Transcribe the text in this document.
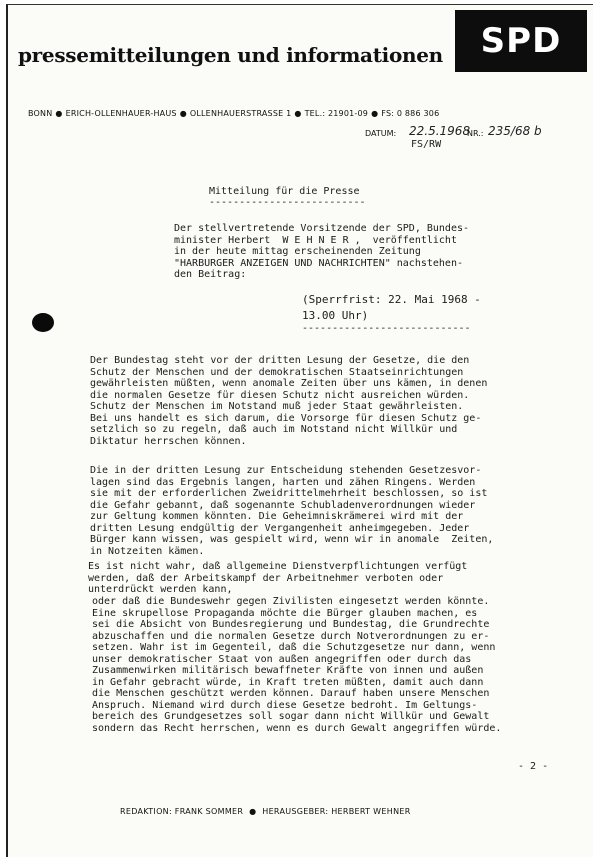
pressemitteilungen und informationen SPD
BONN ● ERICH-OLLENHAUER-HAUS ● OLLENHAUERSTRASSE 1 ● TEL.: 21901-09 ● FS: 0 886 306
DATUM: 22.5.1968
NR.: 235/68 b
FS/RW
Mitteilung für die Presse
--------------------------
Der stellvertretende Vorsitzende der SPD, Bundes-
minister Herbert  W E H N E R ,  veröffentlicht
in der heute mittag erscheinenden Zeitung
"HARBURGER ANZEIGEN UND NACHRICHTEN" nachstehen-
den Beitrag:
(Sperrfrist: 22. Mai 1968 -
13.00 Uhr)
----------------------------
Der Bundestag steht vor der dritten Lesung der Gesetze, die den
Schutz der Menschen und der demokratischen Staatseinrichtungen
gewährleisten müßten, wenn anomale Zeiten über uns kämen, in denen
die normalen Gesetze für diesen Schutz nicht ausreichen würden.
Schutz der Menschen im Notstand muß jeder Staat gewährleisten.
Bei uns handelt es sich darum, die Vorsorge für diesen Schutz ge-
setzlich so zu regeln, daß auch im Notstand nicht Willkür und
Diktatur herrschen können.
Die in der dritten Lesung zur Entscheidung stehenden Gesetzesvor-
lagen sind das Ergebnis langen, harten und zähen Ringens. Werden
sie mit der erforderlichen Zweidrittelmehrheit beschlossen, so ist
die Gefahr gebannt, daß sogenannte Schubladenverordnungen wieder
zur Geltung kommen könnten. Die Geheimniskrämerei wird mit der
dritten Lesung endgültig der Vergangenheit anheimgegeben. Jeder
Bürger kann wissen, was gespielt wird, wenn wir in anomale  Zeiten,
in Notzeiten kämen.
Es ist nicht wahr, daß allgemeine Dienstverpflichtungen verfügt
werden, daß der Arbeitskampf der Arbeitnehmer verboten oder
unterdrückt werden kann,
oder daß die Bundeswehr gegen Zivilisten eingesetzt werden könnte.
Eine skrupellose Propaganda möchte die Bürger glauben machen, es
sei die Absicht von Bundesregierung und Bundestag, die Grundrechte
abzuschaffen und die normalen Gesetze durch Notverordnungen zu er-
setzen. Wahr ist im Gegenteil, daß die Schutzgesetze nur dann, wenn
unser demokratischer Staat von außen angegriffen oder durch das
Zusammenwirken militärisch bewaffneter Kräfte von innen und außen
in Gefahr gebracht würde, in Kraft treten müßten, damit auch dann
die Menschen geschützt werden können. Darauf haben unsere Menschen
Anspruch. Niemand wird durch diese Gesetze bedroht. Im Geltungs-
bereich des Grundgesetzes soll sogar dann nicht Willkür und Gewalt
sondern das Recht herrschen, wenn es durch Gewalt angegriffen würde.
- 2 -
REDAKTION: FRANK SOMMER ● HERAUSGEBER: HERBERT WEHNER
